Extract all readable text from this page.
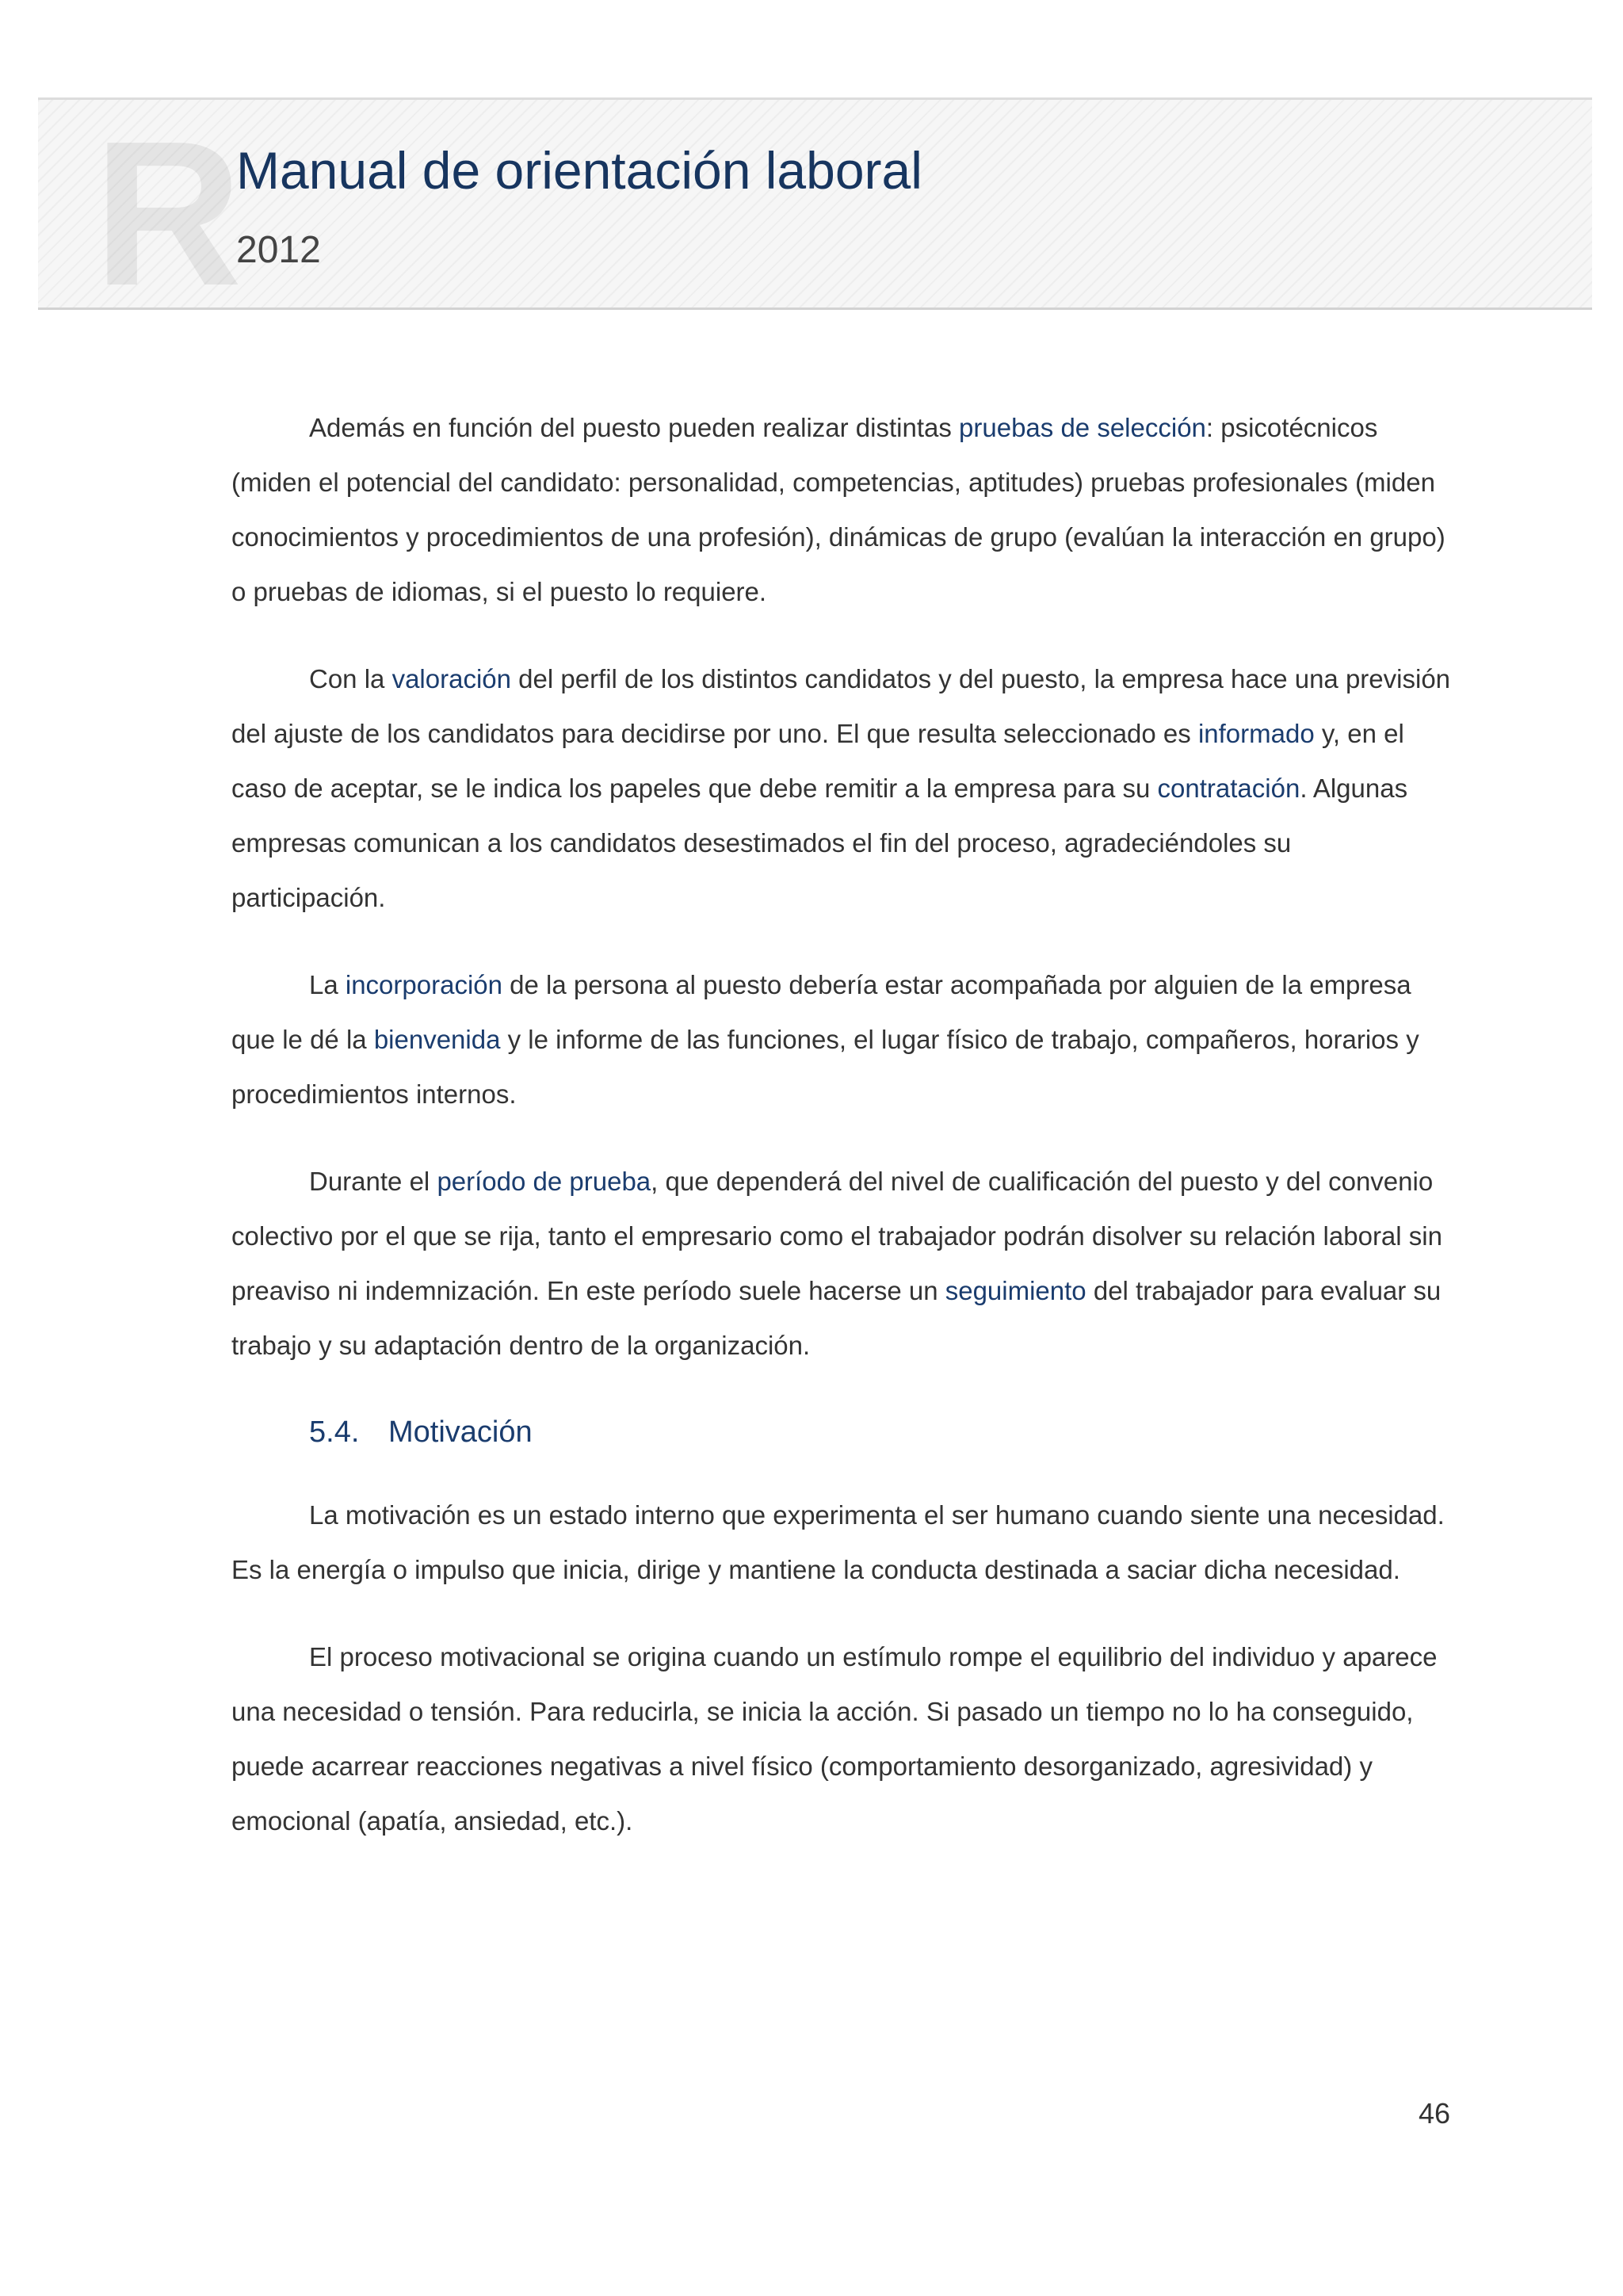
R
Manual de orientación laboral
2012

Además en función del puesto pueden realizar distintas pruebas de selección: psicotécnicos (miden el potencial del candidato: personalidad, competencias, aptitudes) pruebas profesionales (miden conocimientos y procedimientos de una profesión), dinámicas de grupo (evalúan la interacción en grupo) o pruebas de idiomas, si el puesto lo requiere.

Con la valoración del perfil de los distintos candidatos y del puesto, la empresa hace una previsión del ajuste de los candidatos para decidirse por uno. El que resulta seleccionado es informado y, en el caso de aceptar, se le indica los papeles que debe remitir a la empresa para su contratación. Algunas empresas comunican a los candidatos desestimados el fin del proceso, agradeciéndoles su participación.

La incorporación de la persona al puesto debería estar acompañada por alguien de la empresa que le dé la bienvenida y le informe de las funciones, el lugar físico de trabajo, compañeros, horarios y procedimientos internos.

Durante el período de prueba, que dependerá del nivel de cualificación del puesto y del convenio colectivo por el que se rija, tanto el empresario como el trabajador podrán disolver su relación laboral sin preaviso ni indemnización. En este período suele hacerse un seguimiento del trabajador para evaluar su trabajo y su adaptación dentro de la organización.

5.4. Motivación

La motivación es un estado interno que experimenta el ser humano cuando siente una necesidad. Es la energía o impulso que inicia, dirige y mantiene la conducta destinada a saciar dicha necesidad.

El proceso motivacional se origina cuando un estímulo rompe el equilibrio del individuo y aparece una necesidad o tensión. Para reducirla, se inicia la acción. Si pasado un tiempo no lo ha conseguido, puede acarrear reacciones negativas a nivel físico (comportamiento desorganizado, agresividad) y emocional (apatía, ansiedad, etc.).

46
